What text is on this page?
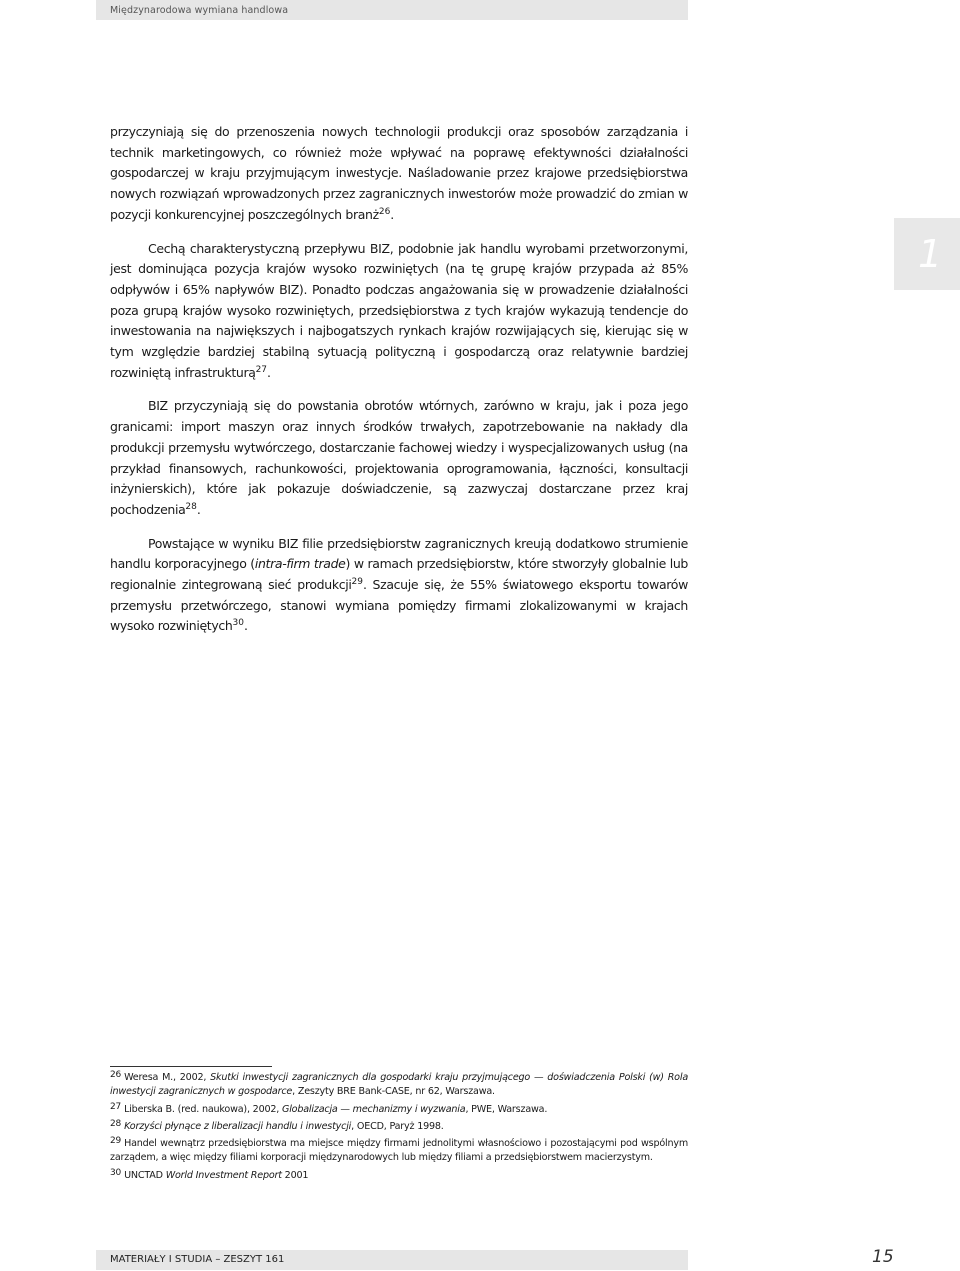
Międzynarodowa wymiana handlowa
1

przyczyniają się do przenoszenia nowych technologii produkcji oraz sposobów zarządzania i technik marketingowych, co również może wpływać na poprawę efektywności działalności gospodarczej w kraju przyjmującym inwestycje. Naśladowanie przez krajowe przedsiębiorstwa nowych rozwiązań wprowadzonych przez zagranicznych inwestorów może prowadzić do zmian w pozycji konkurencyjnej poszczególnych branż$^{26}$.

Cechą charakterystyczną przepływu BIZ, podobnie jak handlu wyrobami przetworzonymi, jest dominująca pozycja krajów wysoko rozwiniętych (na tę grupę krajów przypada aż 85% odpływów i 65% napływów BIZ). Ponadto podczas angażowania się w prowadzenie działalności poza grupą krajów wysoko rozwiniętych, przedsiębiorstwa z tych krajów wykazują tendencje do inwestowania na największych i najbogatszych rynkach krajów rozwijających się, kierując się w tym względzie bardziej stabilną sytuacją polityczną i gospodarczą oraz relatywnie bardziej rozwiniętą infrastrukturą$^{27}$.

BIZ przyczyniają się do powstania obrotów wtórnych, zarówno w kraju, jak i poza jego granicami: import maszyn oraz innych środków trwałych, zapotrzebowanie na nakłady dla produkcji przemysłu wytwórczego, dostarczanie fachowej wiedzy i wyspecjalizowanych usług (na przykład finansowych, rachunkowości, projektowania oprogramowania, łączności, konsultacji inżynierskich), które jak pokazuje doświadczenie, są zazwyczaj dostarczane przez kraj pochodzenia$^{28}$.

Powstające w wyniku BIZ filie przedsiębiorstw zagranicznych kreują dodatkowo strumienie handlu korporacyjnego (intra-firm trade) w ramach przedsiębiorstw, które stworzyły globalnie lub regionalnie zintegrowaną sieć produkcji$^{29}$. Szacuje się, że 55% światowego eksportu towarów przemysłu przetwórczego, stanowi wymiana pomiędzy firmami zlokalizowanymi w krajach wysoko rozwiniętych$^{30}$.

26 Weresa M., 2002, Skutki inwestycji zagranicznych dla gospodarki kraju przyjmującego — doświadczenia Polski (w) Rola inwestycji zagranicznych w gospodarce, Zeszyty BRE Bank-CASE, nr 62, Warszawa.

27 Liberska B. (red. naukowa), 2002, Globalizacja — mechanizmy i wyzwania, PWE, Warszawa.

28 Korzyści płynące z liberalizacji handlu i inwestycji, OECD, Paryż 1998.

29 Handel wewnątrz przedsiębiorstwa ma miejsce między firmami jednolitymi własnościowo i pozostającymi pod wspólnym zarządem, a więc między filiami korporacji międzynarodowych lub między filiami a przedsiębiorstwem macierzystym.

30 UNCTAD World Investment Report 2001

MATERIAŁY I STUDIA – ZESZYT 161	15
